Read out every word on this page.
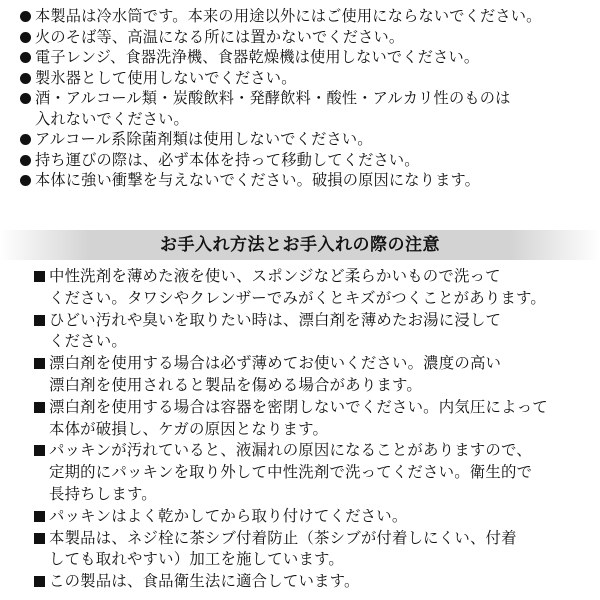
本製品は冷水筒です。本来の用途以外にはご使用にならないでください。
火のそば等、高温になる所には置かないでください。
電子レンジ、食器洗浄機、食器乾燥機は使用しないでください。
製氷器として使用しないでください。
酒・アルコール類・炭酸飲料・発酵飲料・酸性・アルカリ性のものは
入れないでください。
アルコール系除菌剤類は使用しないでください。
持ち運びの際は、必ず本体を持って移動してください。
本体に強い衝撃を与えないでください。破損の原因になります。
お手入れ方法とお手入れの際の注意
中性洗剤を薄めた液を使い、スポンジなど柔らかいもので洗って
ください。タワシやクレンザーでみがくとキズがつくことがあります。
ひどい汚れや臭いを取りたい時は、漂白剤を薄めたお湯に浸して
ください。
漂白剤を使用する場合は必ず薄めてお使いください。濃度の高い
漂白剤を使用されると製品を傷める場合があります。
漂白剤を使用する場合は容器を密閉しないでください。内気圧によって
本体が破損し、ケガの原因となります。
パッキンが汚れていると、液漏れの原因になることがありますので、
定期的にパッキンを取り外して中性洗剤で洗ってください。衛生的で
長持ちします。
パッキンはよく乾かしてから取り付けてください。
本製品は、ネジ栓に茶シブ付着防止（茶シブが付着しにくい、付着
しても取れやすい）加工を施しています。
この製品は、食品衛生法に適合しています。
